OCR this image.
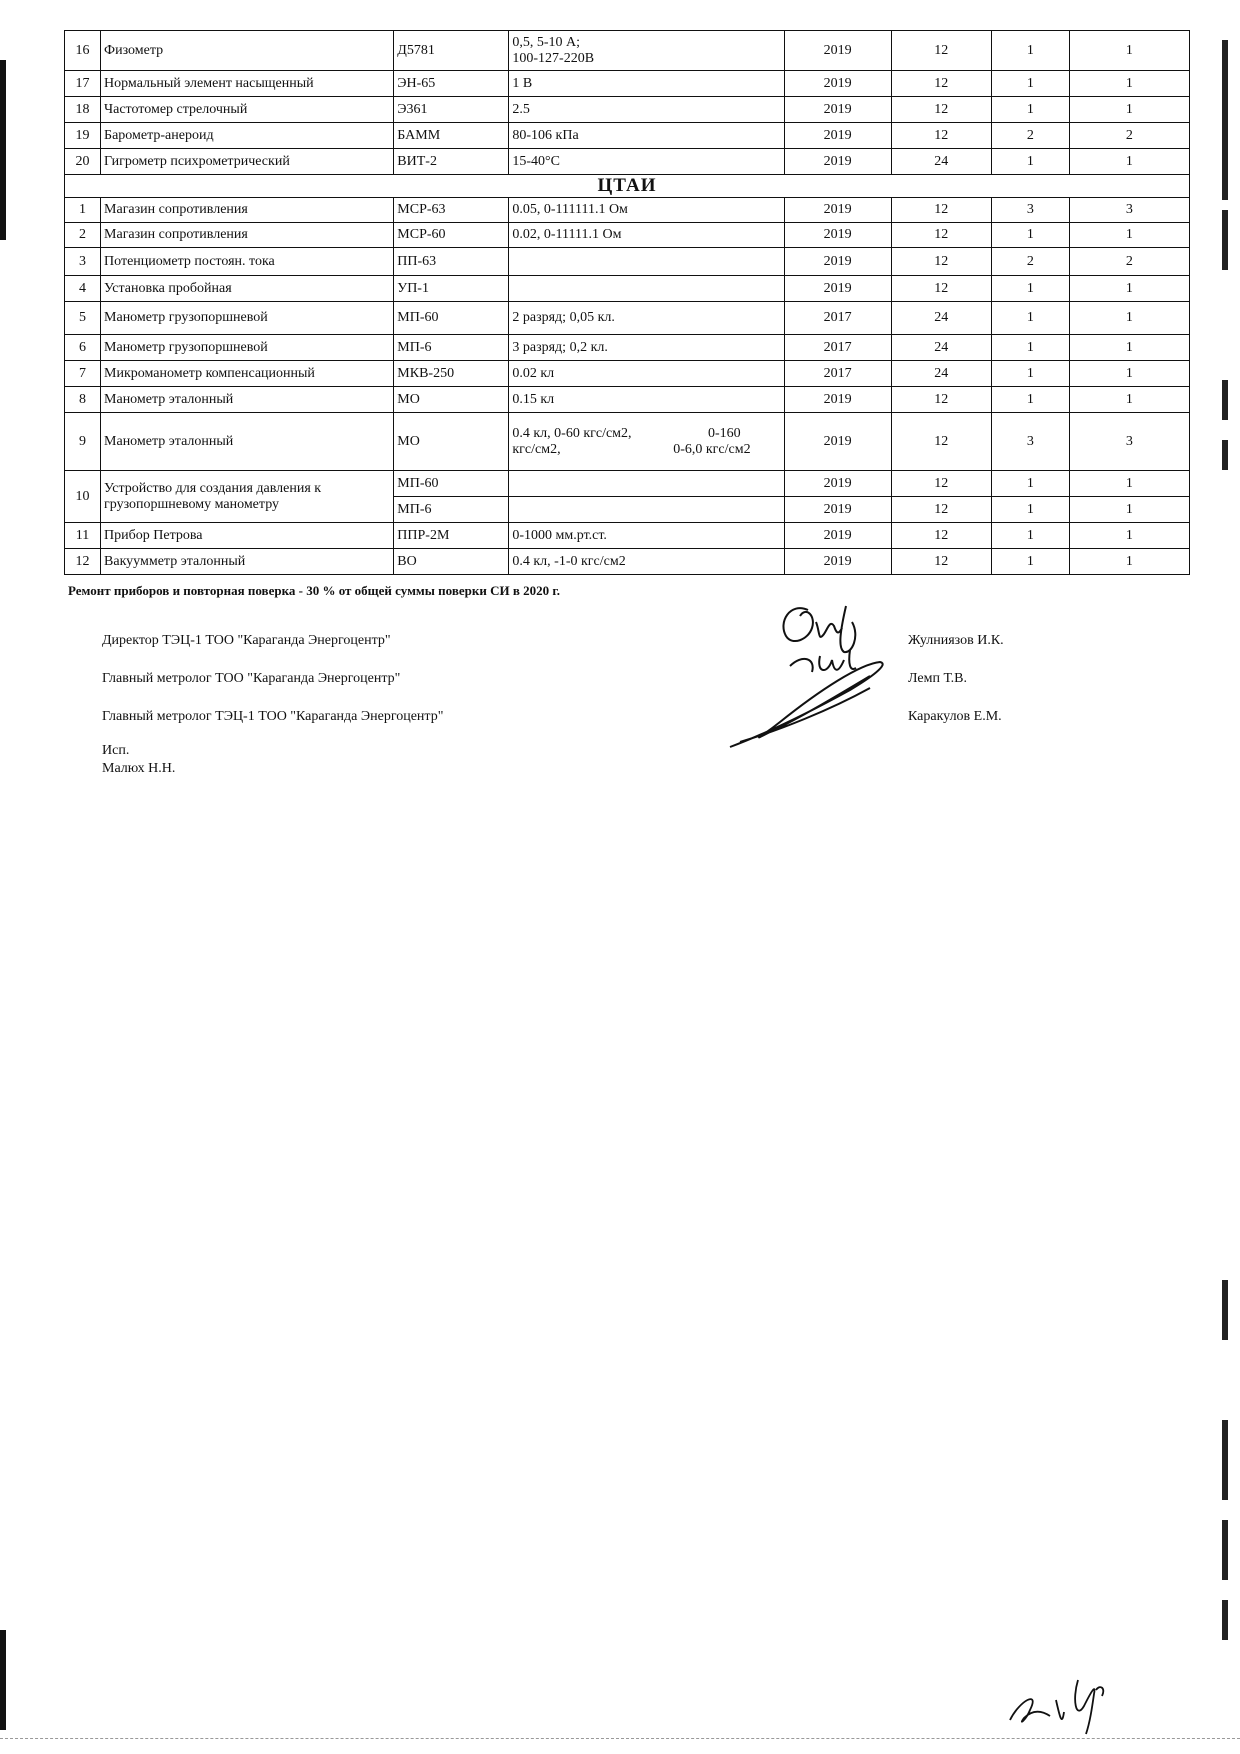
16	Физометр	Д5781	0,5, 5-10 А;
100-127-220В	2019	12	1	1
17	Нормальный элемент насыщенный	ЭН-65	1 В	2019	12	1	1
18	Частотомер стрелочный	Э361	2.5	2019	12	1	1
19	Барометр-анероид	БАММ	80-106 кПа	2019	12	2	2
20	Гигрометр психрометрический	ВИТ-2	15-40°С	2019	24	1	1
ЦТАИ							
1	Магазин сопротивления	МСР-63	0.05, 0-111111.1 Ом	2019	12	3	3
2	Магазин сопротивления	МСР-60	0.02, 0-11111.1 Ом	2019	12	1	1
3	Потенциометр постоян. тока	ПП-63		2019	12	2	2
4	Установка пробойная	УП-1		2019	12	1	1
5	Манометр грузопоршневой	МП-60	2 разряд; 0,05 кл.	2017	24	1	1
6	Манометр грузопоршневой	МП-6	3 разряд; 0,2 кл.	2017	24	1	1
7	Микроманометр компенсационный	МКВ-250	0.02 кл	2017	24	1	1
8	Манометр эталонный	МО	0.15 кл	2019	12	1	1
9	Манометр эталонный	МО	0.4 кл, 0-60 кгс/см2, 0-160
кгс/см2, 0-6,0 кгс/см2	2019	12	3	3
10	Устройство для создания давления к грузопоршневому манометру	МП-60		2019	12	1	1
		МП-6		2019	12	1	1
11	Прибор Петрова	ППР-2М	0-1000 мм.рт.ст.	2019	12	1	1
12	Вакуумметр эталонный	ВО	0.4 кл, -1-0 кгс/см2	2019	12	1	1
Ремонт приборов и повторная поверка - 30 % от общей суммы поверки СИ в 2020 г.
Директор ТЭЦ-1 ТОО "Караганда Энергоцентр"	Жулниязов И.К.
Главный метролог ТОО "Караганда Энергоцентр"	Лемп Т.В.
Главный метролог ТЭЦ-1 ТОО "Караганда Энергоцентр"	Каракулов Е.М.
Исп.
Малюх Н.Н.
